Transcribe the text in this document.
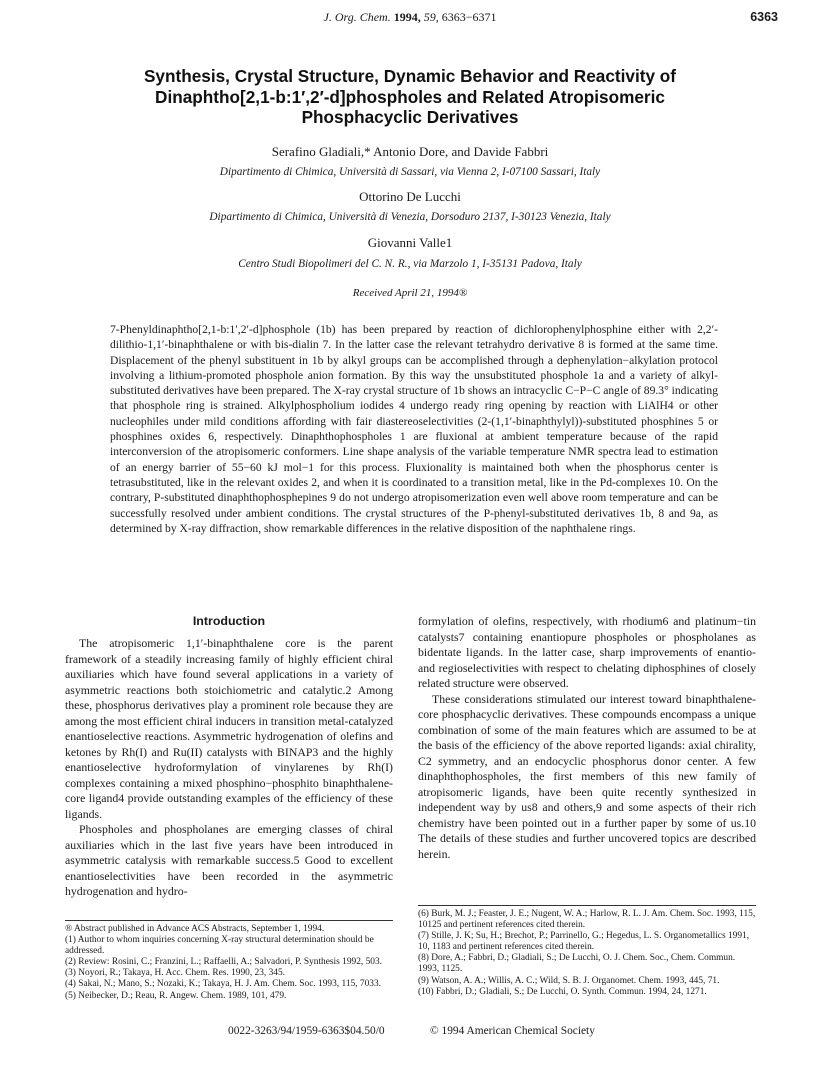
J. Org. Chem. 1994, 59, 6363−6371	6363
Synthesis, Crystal Structure, Dynamic Behavior and Reactivity of
Dinaphtho[2,1-b:1′,2′-d]phospholes and Related Atropisomeric
Phosphacyclic Derivatives
Serafino Gladiali,* Antonio Dore, and Davide Fabbri
Dipartimento di Chimica, Università di Sassari, via Vienna 2, I-07100 Sassari, Italy
Ottorino De Lucchi
Dipartimento di Chimica, Università di Venezia, Dorsoduro 2137, I-30123 Venezia, Italy
Giovanni Valle1
Centro Studi Biopolimeri del C. N. R., via Marzolo 1, I-35131 Padova, Italy
Received April 21, 1994®

7-Phenyldinaphtho[2,1-b:1′,2′-d]phosphole (1b) has been prepared by reaction of dichlorophenylphosphine either with 2,2′-dilithio-1,1′-binaphthalene or with bis-dialin 7. In the latter case the relevant tetrahydro derivative 8 is formed at the same time. Displacement of the phenyl substituent in 1b by alkyl groups can be accomplished through a dephenylation−alkylation protocol involving a lithium-promoted phosphole anion formation. By this way the unsubstituted phosphole 1a and a variety of alkyl-substituted derivatives have been prepared. The X-ray crystal structure of 1b shows an intracyclic C−P−C angle of 89.3° indicating that phosphole ring is strained. Alkylphospholium iodides 4 undergo ready ring opening by reaction with LiAlH4 or other nucleophiles under mild conditions affording with fair diastereoselectivities (2-(1,1′-binaphthylyl))-substituted phosphines 5 or phosphines oxides 6, respectively. Dinaphthophospholes 1 are fluxional at ambient temperature because of the rapid interconversion of the atropisomeric conformers. Line shape analysis of the variable temperature NMR spectra lead to estimation of an energy barrier of 55−60 kJ mol−1 for this process. Fluxionality is maintained both when the phosphorus center is tetrasubstituted, like in the relevant oxides 2, and when it is coordinated to a transition metal, like in the Pd-complexes 10. On the contrary, P-substituted dinaphthophosphepines 9 do not undergo atropisomerization even well above room temperature and can be successfully resolved under ambient conditions. The crystal structures of the P-phenyl-substituted derivatives 1b, 8 and 9a, as determined by X-ray diffraction, show remarkable differences in the relative disposition of the naphthalene rings.

Introduction

The atropisomeric 1,1′-binaphthalene core is the parent framework of a steadily increasing family of highly efficient chiral auxiliaries which have found several applications in a variety of asymmetric reactions both stoichiometric and catalytic.2 Among these, phosphorus derivatives play a prominent role because they are among the most efficient chiral inducers in transition metal-catalyzed enantioselective reactions. Asymmetric hydrogenation of olefins and ketones by Rh(I) and Ru(II) catalysts with BINAP3 and the highly enantioselective hydroformylation of vinylarenes by Rh(I) complexes containing a mixed phosphino−phosphito binaphthalene-core ligand4 provide outstanding examples of the efficiency of these ligands.

Phospholes and phospholanes are emerging classes of chiral auxiliaries which in the last five years have been introduced in asymmetric catalysis with remarkable success.5 Good to excellent enantioselectivities have been recorded in the asymmetric hydrogenation and hydro-

formylation of olefins, respectively, with rhodium6 and platinum−tin catalysts7 containing enantiopure phospholes or phospholanes as bidentate ligands. In the latter case, sharp improvements of enantio- and regioselectivities with respect to chelating diphosphines of closely related structure were observed.

These considerations stimulated our interest toward binaphthalene-core phosphacyclic derivatives. These compounds encompass a unique combination of some of the main features which are assumed to be at the basis of the efficiency of the above reported ligands: axial chirality, C2 symmetry, and an endocyclic phosphorus donor center. A few dinaphthophospholes, the first members of this new family of atropisomeric ligands, have been quite recently synthesized in independent way by us8 and others,9 and some aspects of their rich chemistry have been pointed out in a further paper by some of us.10 The details of these studies and further uncovered topics are described herein.

® Abstract published in Advance ACS Abstracts, September 1, 1994.
(1) Author to whom inquiries concerning X-ray structural determination should be addressed.
(2) Review: Rosini, C.; Franzini, L.; Raffaelli, A.; Salvadori, P. Synthesis 1992, 503.
(3) Noyori, R.; Takaya, H. Acc. Chem. Res. 1990, 23, 345.
(4) Sakai, N.; Mano, S.; Nozaki, K.; Takaya, H. J. Am. Chem. Soc. 1993, 115, 7033.
(5) Neibecker, D.; Reau, R. Angew. Chem. 1989, 101, 479.
(6) Burk, M. J.; Feaster, J. E.; Nugent, W. A.; Harlow, R. L. J. Am. Chem. Soc. 1993, 115, 10125 and pertinent references cited therein.
(7) Stille, J. K; Su, H.; Brechot, P.; Parrinello, G.; Hegedus, L. S. Organometallics 1991, 10, 1183 and pertinent references cited therein.
(8) Dore, A.; Fabbri, D.; Gladiali, S.; De Lucchi, O. J. Chem. Soc., Chem. Commun. 1993, 1125.
(9) Watson, A. A.; Willis, A. C.; Wild, S. B. J. Organomet. Chem. 1993, 445, 71.
(10) Fabbri, D.; Gladiali, S.; De Lucchi, O. Synth. Commun. 1994, 24, 1271.
0022-3263/94/1959-6363$04.50/0	© 1994 American Chemical Society
